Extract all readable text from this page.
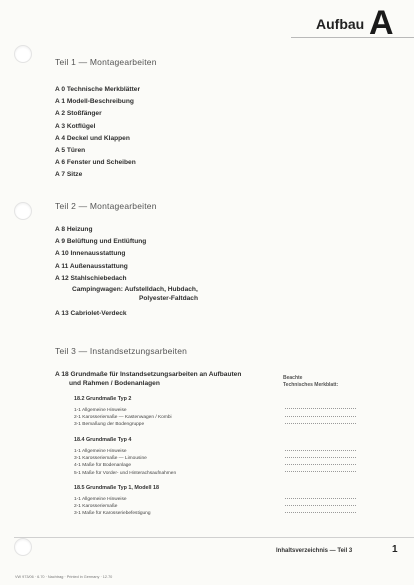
Aufbau A
Teil 1 — Montagearbeiten
A 0 Technische Merkblätter
A 1 Modell-Beschreibung
A 2 Stoßfänger
A 3 Kotflügel
A 4 Deckel und Klappen
A 5 Türen
A 6 Fenster und Scheiben
A 7 Sitze
Teil 2 — Montagearbeiten
A 8 Heizung
A 9 Belüftung und Entlüftung
A 10 Innenausstattung
A 11 Außenausstattung
A 12 Stahlschiebedach
Campingwagen: Aufstelldach, Hubdach,
Polyester-Faltdach
A 13 Cabriolet-Verdeck
Teil 3 — Instandsetzungsarbeiten
A 18 Grundmaße für Instandsetzungsarbeiten an Aufbauten
und Rahmen / Bodenanlagen
Beachte
Technisches Merkblatt:
18.2 Grundmaße Typ 2
1-1 Allgemeine Hinweise
2-1 Karosseriemaße — Kastenwagen / Kombi
3-1 Bemaßung der Bodengruppe
18.4 Grundmaße Typ 4
1-1 Allgemeine Hinweise
3-1 Karosseriemaße — Limousine
4-1 Maße für Bodenanlage
5-1 Maße für Vorder- und Hinterachsaufnahmen
18.5 Grundmaße Typ 1, Modell 18
1-1 Allgemeine Hinweise
2-1 Karosseriemaße
3-1 Maße für Karosseriebefestigung
Inhaltsverzeichnis — Teil 3	1
VW 973/06 · 6.70 · Nachtrag · Printed in Germany · 12.70
